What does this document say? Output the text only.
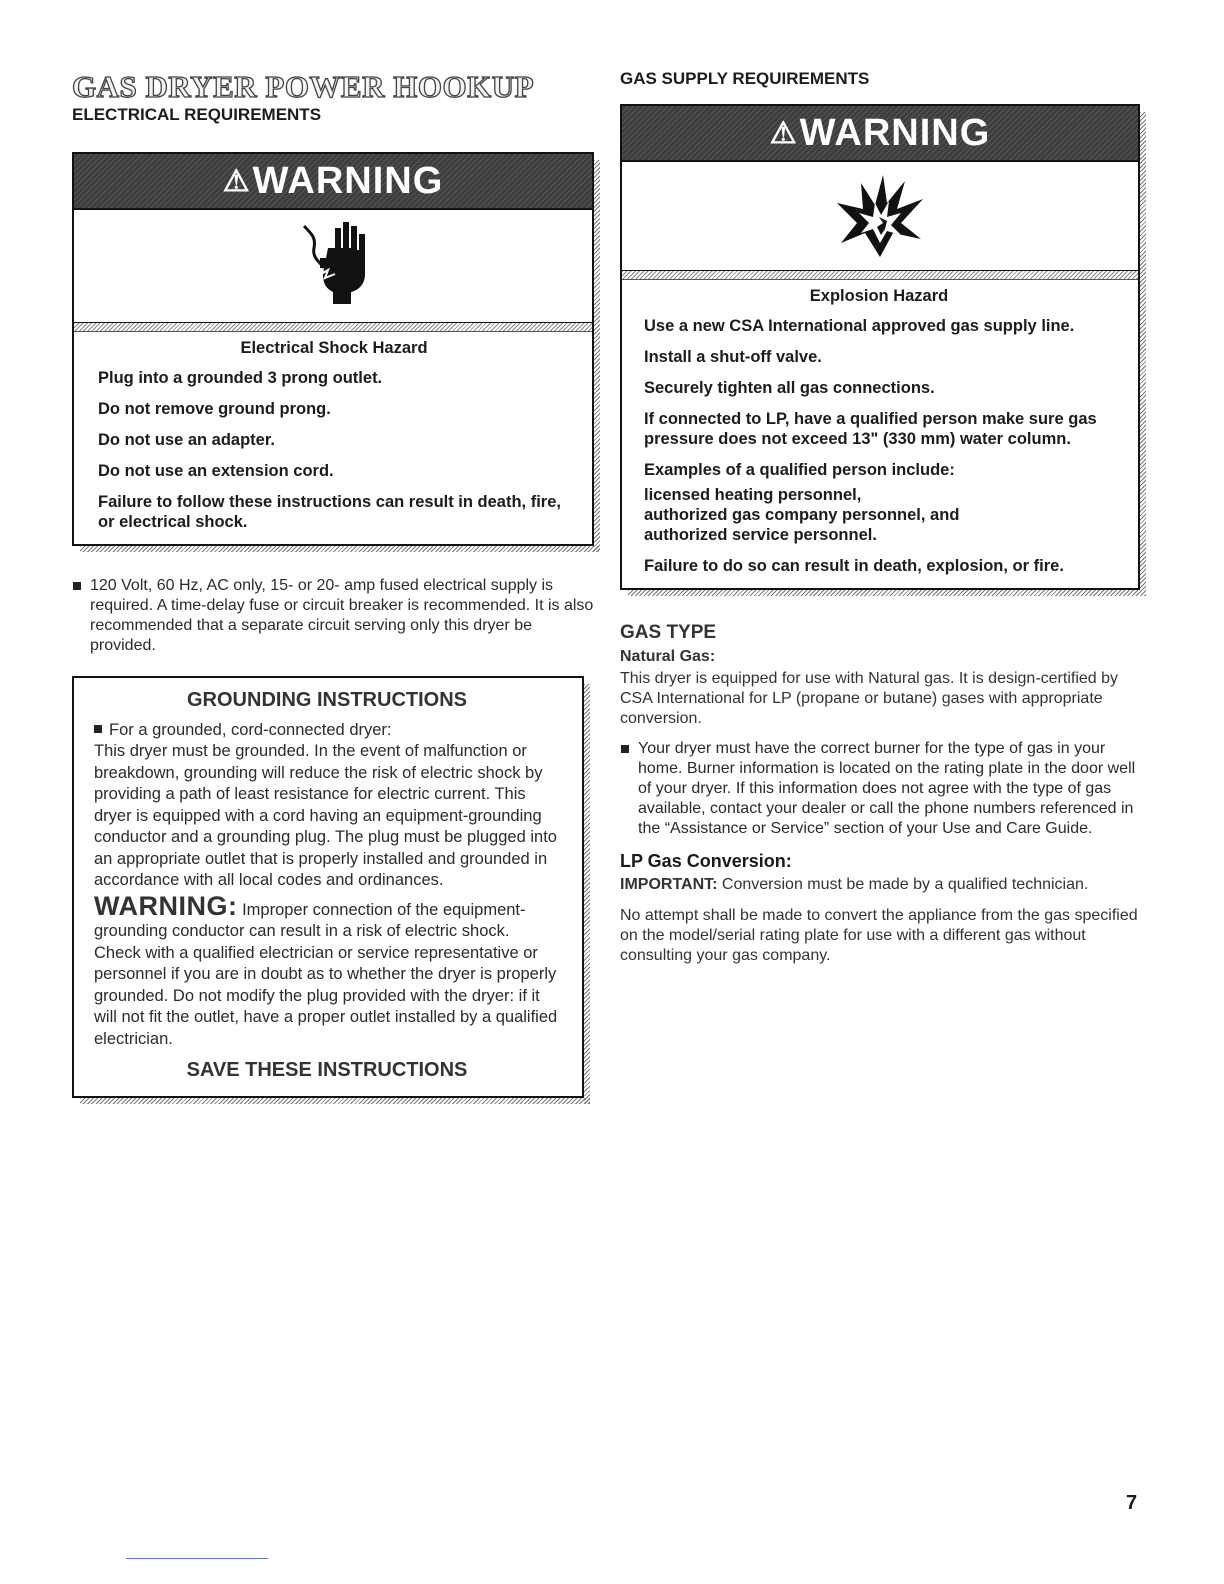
GAS DRYER POWER HOOKUP
ELECTRICAL REQUIREMENTS
⚠ WARNING
Electrical Shock Hazard

Plug into a grounded 3 prong outlet.

Do not remove ground prong.

Do not use an adapter.

Do not use an extension cord.

Failure to follow these instructions can result in death, fire, or electrical shock.

120 Volt, 60 Hz, AC only, 15- or 20- amp fused electrical supply is required. A time-delay fuse or circuit breaker is recommended. It is also recommended that a separate circuit serving only this dryer be provided.
GROUNDING INSTRUCTIONS
For a grounded, cord-connected dryer:
This dryer must be grounded. In the event of malfunction or breakdown, grounding will reduce the risk of electric shock by providing a path of least resistance for electric current. This dryer is equipped with a cord having an equipment-grounding conductor and a grounding plug. The plug must be plugged into an appropriate outlet that is properly installed and grounded in accordance with all local codes and ordinances.
WARNING: Improper connection of the equipment-grounding conductor can result in a risk of electric shock. Check with a qualified electrician or service representative or personnel if you are in doubt as to whether the dryer is properly grounded. Do not modify the plug provided with the dryer: if it will not fit the outlet, have a proper outlet installed by a qualified electrician.
SAVE THESE INSTRUCTIONS
GAS SUPPLY REQUIREMENTS
⚠ WARNING
Explosion Hazard

Use a new CSA International approved gas supply line.

Install a shut-off valve.

Securely tighten all gas connections.

If connected to LP, have a qualified person make sure gas pressure does not exceed 13" (330 mm) water column.

Examples of a qualified person include:

licensed heating personnel,

authorized gas company personnel, and

authorized service personnel.

Failure to do so can result in death, explosion, or fire.

GAS TYPE
Natural Gas:

This dryer is equipped for use with Natural gas. It is design-certified by CSA International for LP (propane or butane) gases with appropriate conversion.

Your dryer must have the correct burner for the type of gas in your home. Burner information is located on the rating plate in the door well of your dryer. If this information does not agree with the type of gas available, contact your dealer or call the phone numbers referenced in the “Assistance or Service” section of your Use and Care Guide.
LP Gas Conversion:

IMPORTANT: Conversion must be made by a qualified technician.

No attempt shall be made to convert the appliance from the gas specified on the model/serial rating plate for use with a different gas without consulting your gas company.

7
